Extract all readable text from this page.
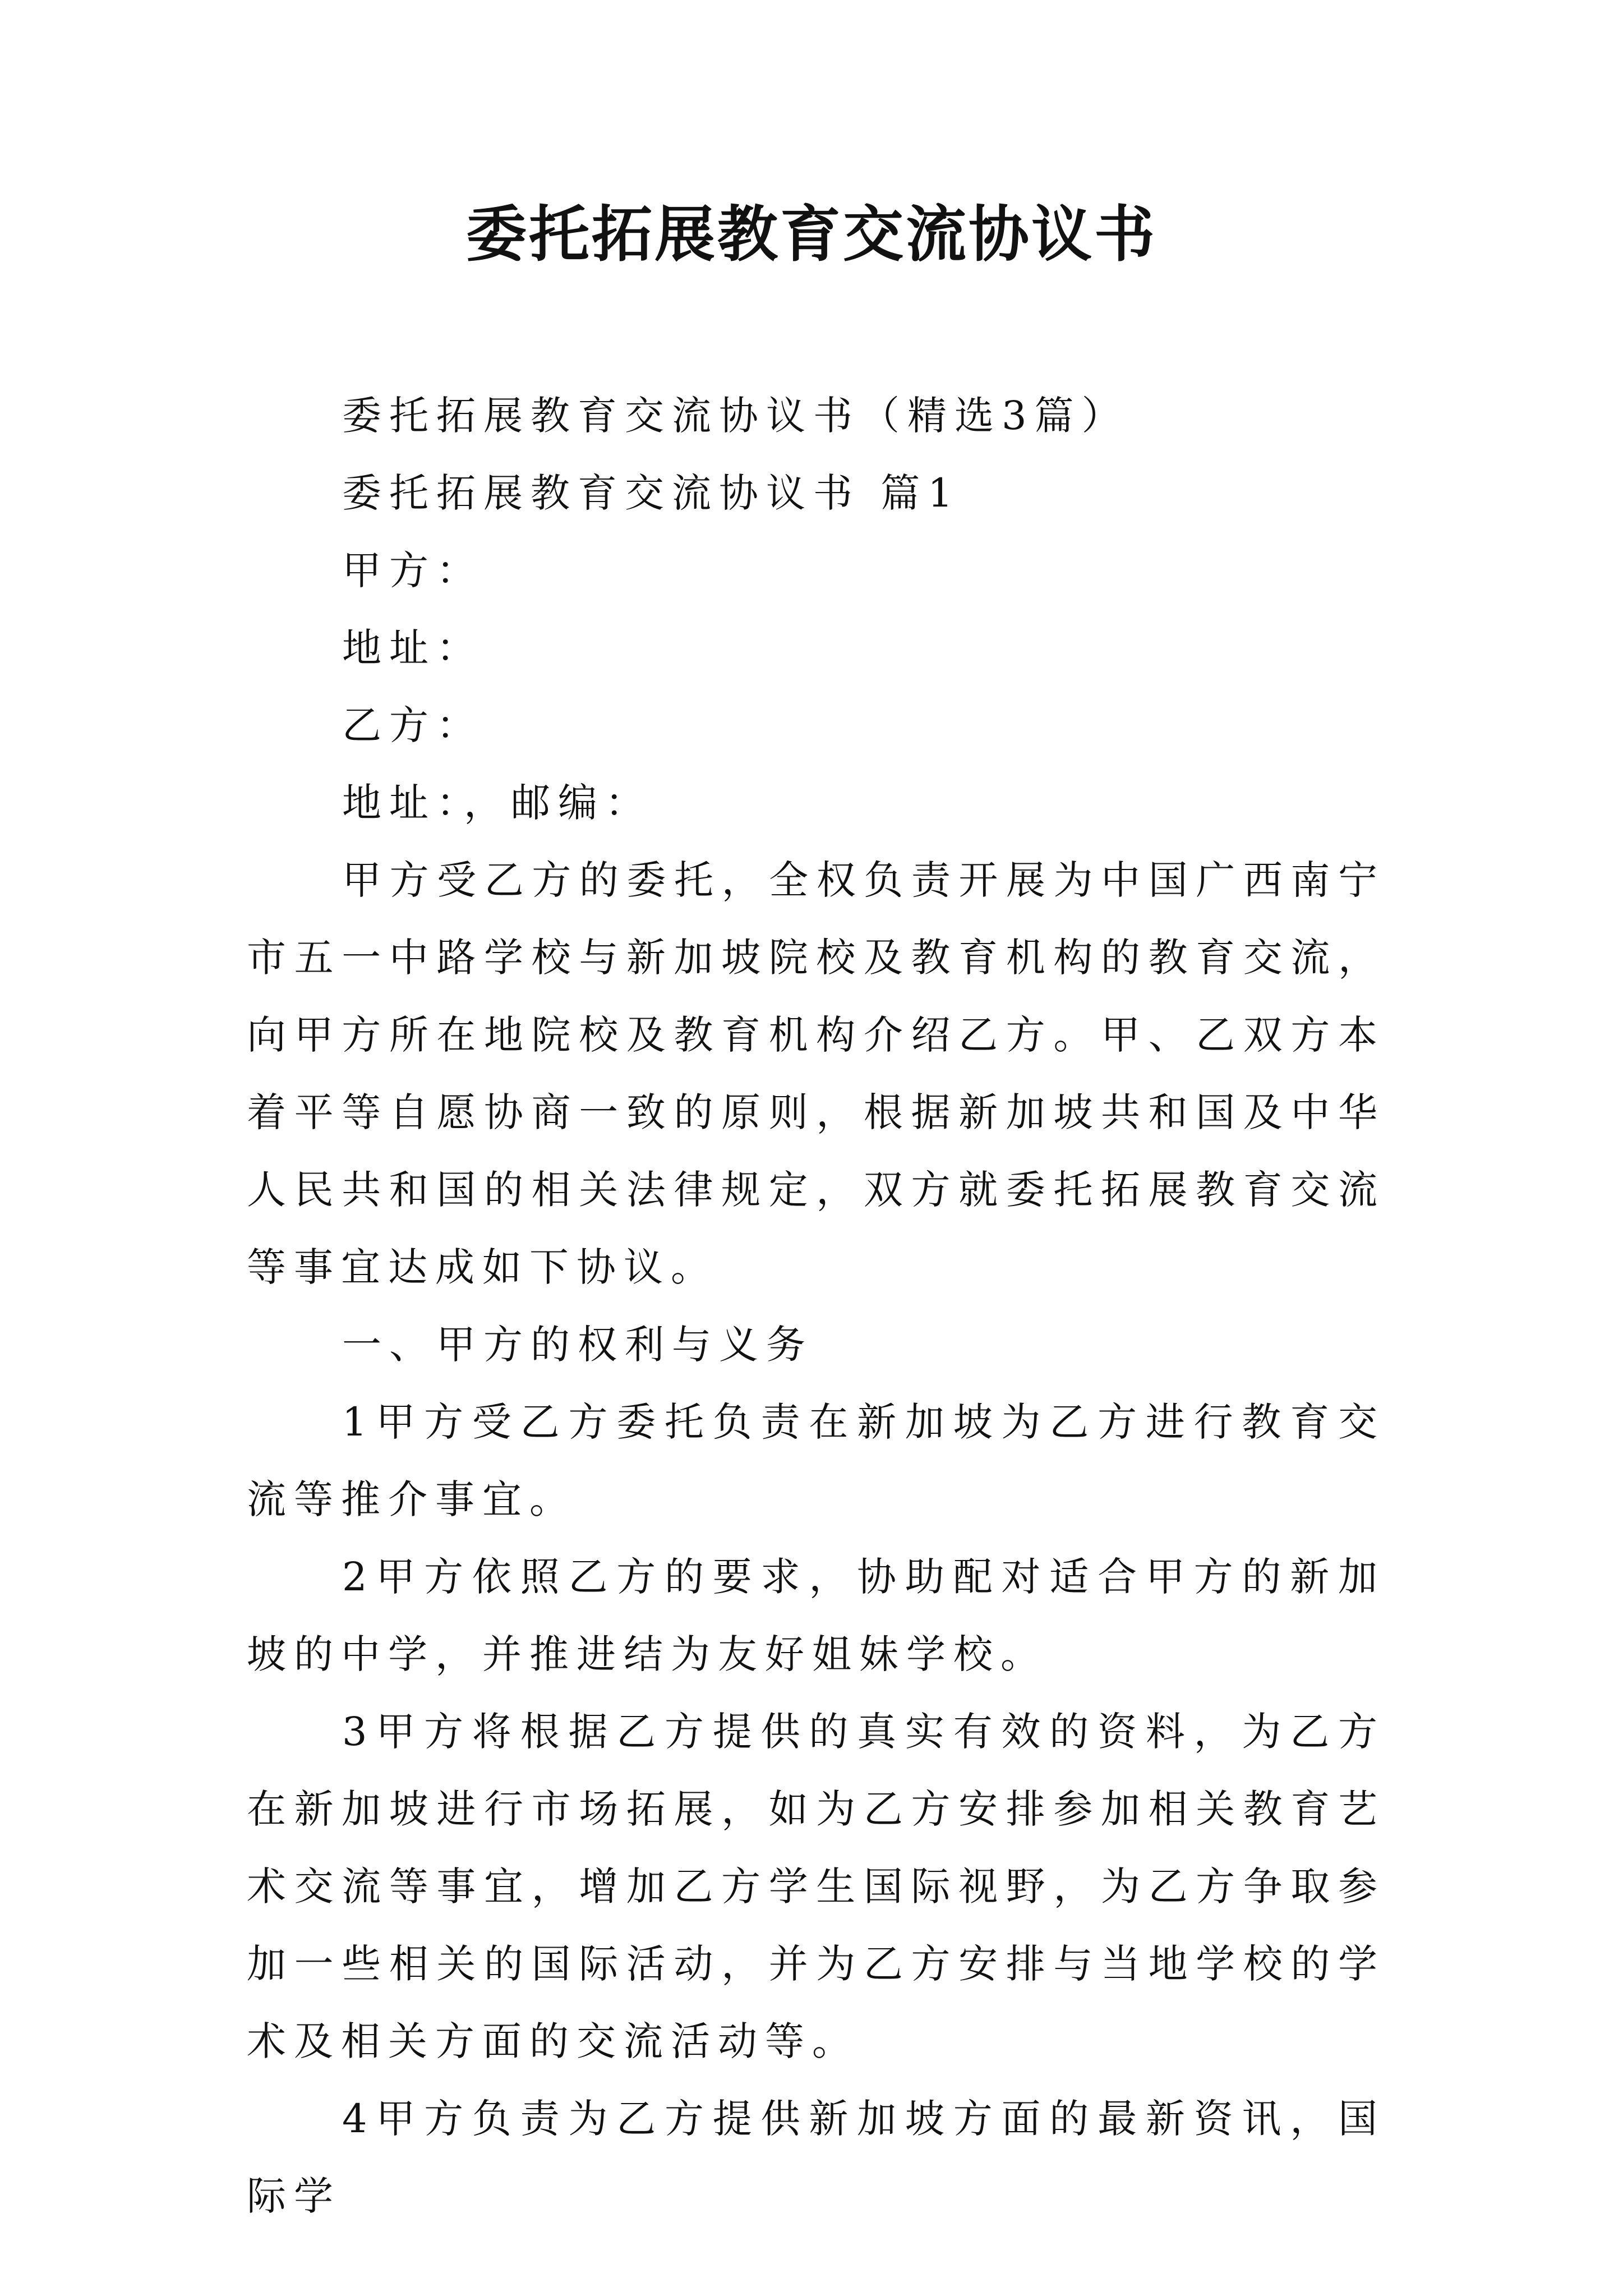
委托拓展教育交流协议书

委托拓展教育交流协议书（精选3篇）

委托拓展教育交流协议书 篇1

甲方：

地址：

乙方：

地址：，邮编：

甲方受乙方的委托，全权负责开展为中国广西南宁市五一中路学校与新加坡院校及教育机构的教育交流，向甲方所在地院校及教育机构介绍乙方。甲、乙双方本着平等自愿协商一致的原则，根据新加坡共和国及中华人民共和国的相关法律规定，双方就委托拓展教育交流等事宜达成如下协议。

一、甲方的权利与义务

1甲方受乙方委托负责在新加坡为乙方进行教育交流等推介事宜。

2甲方依照乙方的要求，协助配对适合甲方的新加坡的中学，并推进结为友好姐妹学校。

3甲方将根据乙方提供的真实有效的资料，为乙方在新加坡进行市场拓展，如为乙方安排参加相关教育艺术交流等事宜，增加乙方学生国际视野，为乙方争取参加一些相关的国际活动，并为乙方安排与当地学校的学术及相关方面的交流活动等。

4甲方负责为乙方提供新加坡方面的最新资讯，国际学
